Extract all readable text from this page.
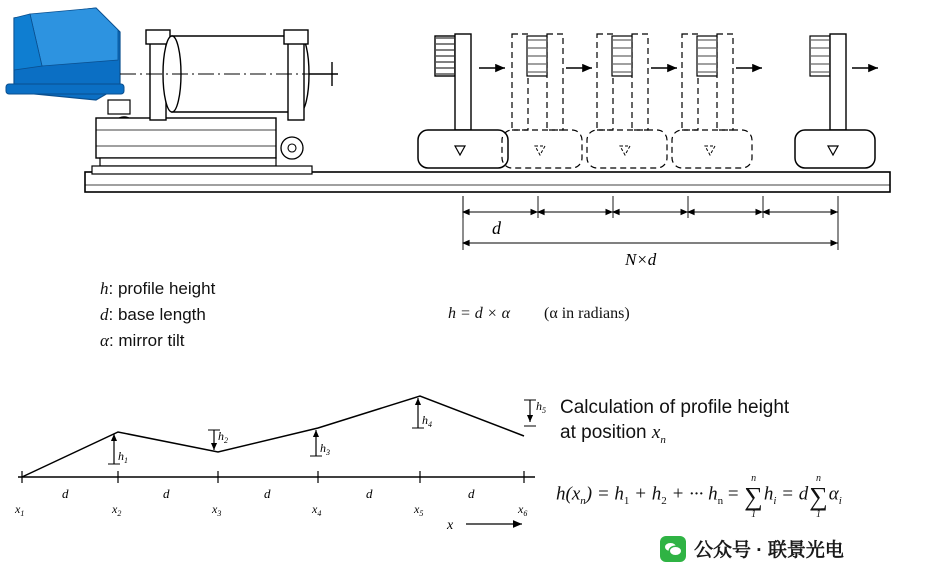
d
N×d
d	d	d	d	d
$x_1$	$x_2$	$x_3$	$x_4$	$x_5$	$x_6$
x
$h_1$
$h_2$
$h_3$
$h_4$
$h_5$
h: profile height
d: base length
α: mirror tilt
h = d × α (α in radians)
Calculation of profile height
at position $x_n$
$h(x_n) = h_1 + h_2$ + ··· $h_n$ =
n
∑
1
$h_i = d$
n
∑
1
$\alpha_i$
公众号 · 联景光电
